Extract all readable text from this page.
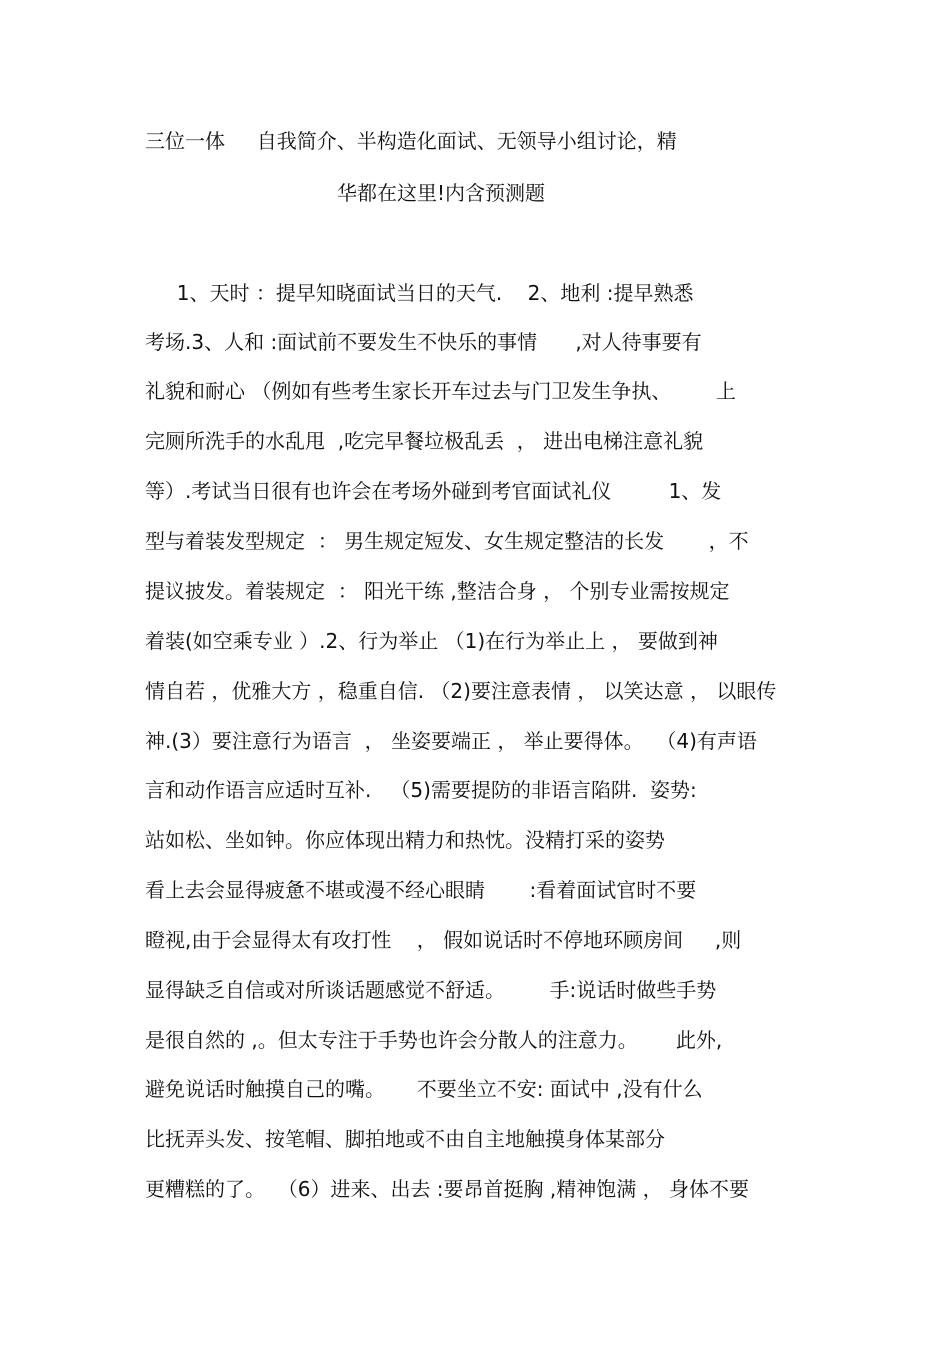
三位一体     自我简介、半构造化面试、无领导小组讨论，精
华都在这里!内含预测题
1、天时 ：提早知晓面试当日的天气.    2、地利 :提早熟悉
考场.3、人和 :面试前不要发生不快乐的事情      ,对人待事要有
礼貌和耐心 （例如有些考生家长开车过去与门卫发生争执、       上
完厕所洗手的水乱甩  ,吃完早餐垃极乱丢  ， 进出电梯注意礼貌
等）.考试当日很有也许会在考场外碰到考官面试礼仪         1、发
型与着装发型规定  ： 男生规定短发、女生规定整洁的长发       ，不
提议披发。着装规定  ： 阳光干练 ,整洁合身 ， 个别专业需按规定
着装(如空乘专业 ）.2、行为举止 （1)在行为举止上 ， 要做到神
情自若 ，优雅大方 ，稳重自信. （2)要注意表情 ， 以笑达意 ， 以眼传
神.(3）要注意行为语言  ， 坐姿要端正 ， 举止要得体。  （4)有声语
言和动作语言应适时互补.   （5)需要提防的非语言陷阱.  姿势:
站如松、坐如钟。你应体现出精力和热忱。没精打采的姿势
看上去会显得疲惫不堪或漫不经心眼睛       :看着面试官时不要
瞪视,由于会显得太有攻打性    ， 假如说话时不停地环顾房间     ,则
显得缺乏自信或对所谈话题感觉不舒适。       手:说话时做些手势
是很自然的 ,。但太专注于手势也许会分散人的注意力。      此外,
避免说话时触摸自己的嘴。     不要坐立不安: 面试中 ,没有什么
比抚弄头发、按笔帽、脚拍地或不由自主地触摸身体某部分
更糟糕的了。  （6）进来、出去 :要昂首挺胸 ,精神饱满 ， 身体不要
